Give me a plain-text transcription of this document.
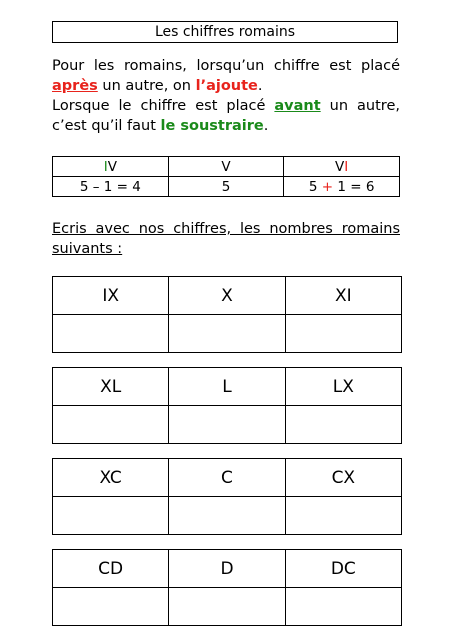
Les chiffres romains

Pour les romains, lorsqu’un chiffre est placé après un autre, on l’ajoute.

Lorsque le chiffre est placé avant un autre, c’est qu’il faut le soustraire.

IV	V	VI
5 – 1 = 4	5	5 + 1 = 6
Ecris avec nos chiffres, les nombres romains suivants :
IX	X	XI

XL	L	LX

XC	C	CX

CD	D	DC
